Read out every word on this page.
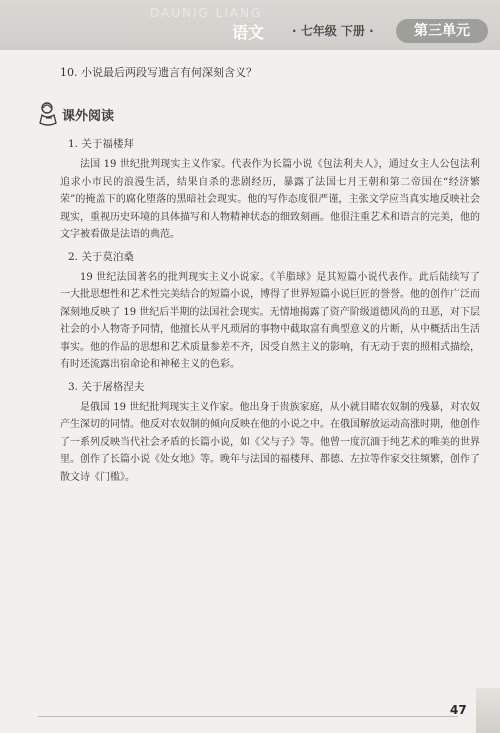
DAUNIG LIANG
语文 · 七年级 下册 ·	第三单元
10. 小说最后两段写遗言有何深刻含义？
课外阅读
1. 关于福楼拜

法国 19 世纪批判现实主义作家。代表作为长篇小说《包法利夫人》，通过女主人公包法利追求小市民的浪漫生活，结果自杀的悲剧经历，暴露了法国七月王朝和第二帝国在“经济繁荣”的掩盖下的腐化堕落的黑暗社会现实。他的写作态度很严谨，主张文学应当真实地反映社会现实，重视历史环境的具体描写和人物精神状态的细致刻画。他很注重艺术和语言的完美，他的文字被看做是法语的典范。

2. 关于莫泊桑

19 世纪法国著名的批判现实主义小说家。《羊脂球》是其短篇小说代表作。此后陆续写了一大批思想性和艺术性完美结合的短篇小说，博得了世界短篇小说巨匠的誉誉。他的创作广泛而深刻地反映了 19 世纪后半期的法国社会现实。无情地揭露了资产阶级道德风尚的丑恶，对下层社会的小人物寄予同情，他擅长从平凡琐屑的事物中截取富有典型意义的片断，从中概括出生活事实。他的作品的思想和艺术质量参差不齐，因受自然主义的影响，有无动于衷的照相式描绘，有时还流露出宿命论和神秘主义的色彩。

3. 关于屠格涅夫

是俄国 19 世纪批判现实主义作家。他出身于贵族家庭，从小就目睹农奴制的残暴，对农奴产生深切的同情。他反对农奴制的倾向反映在他的小说之中。在俄国解放运动高涨时期，他创作了一系列反映当代社会矛盾的长篇小说，如《父与子》等。他曾一度沉湎于纯艺术的唯美的世界里。创作了长篇小说《处女地》等。晚年与法国的福楼拜、都德、左拉等作家交往频繁，创作了散文诗《门槛》。

47
